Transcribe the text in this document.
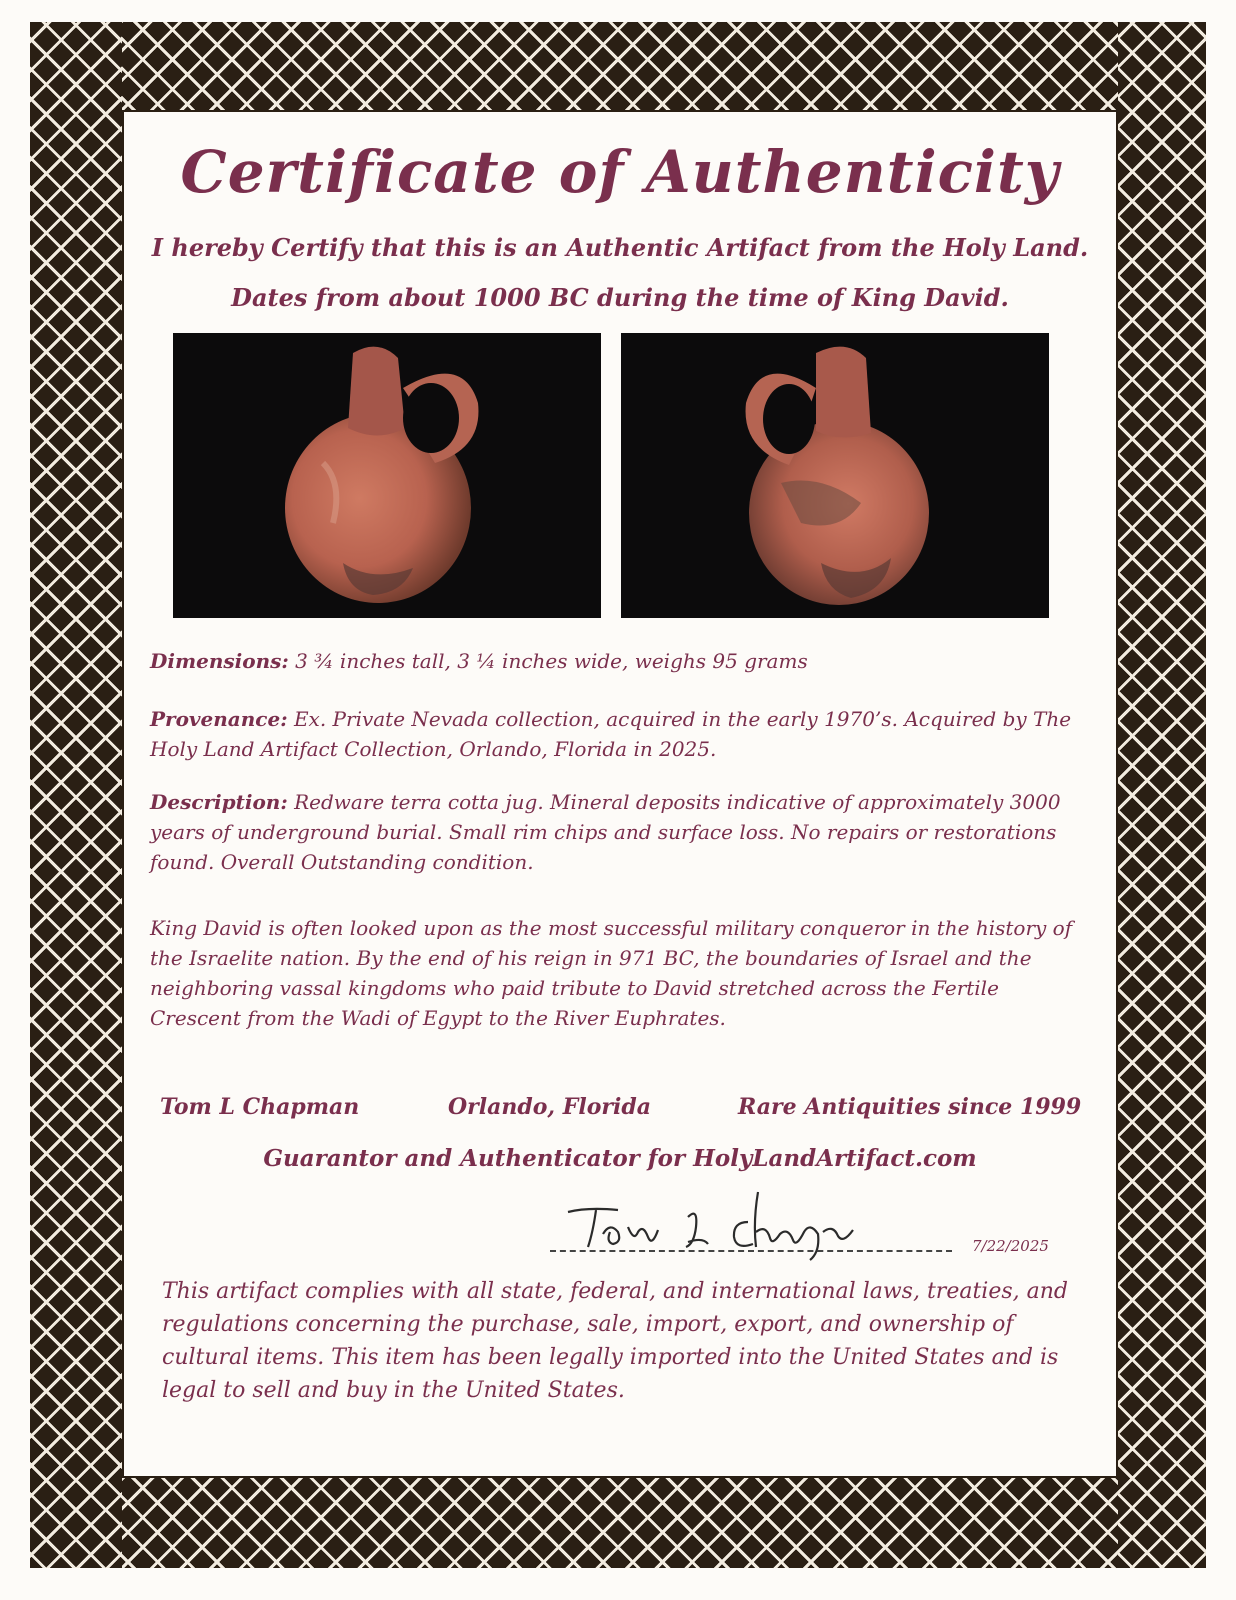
Certificate of Authenticity
I hereby Certify that this is an Authentic Artifact from the Holy Land.
Dates from about 1000 BC during the time of King David.
Dimensions: 3 ¾ inches tall, 3 ¼ inches wide, weighs 95 grams
Provenance: Ex. Private Nevada collection, acquired in the early 1970’s. Acquired by The Holy Land Artifact Collection, Orlando, Florida in 2025.
Description: Redware terra cotta jug. Mineral deposits indicative of approximately 3000 years of underground burial. Small rim chips and surface loss. No repairs or restorations found. Overall Outstanding condition.
King David is often looked upon as the most successful military conqueror in the history of the Israelite nation. By the end of his reign in 971 BC, the boundaries of Israel and the neighboring vassal kingdoms who paid tribute to David stretched across the Fertile Crescent from the Wadi of Egypt to the River Euphrates.
Tom L Chapman	Orlando, Florida	Rare Antiquities since 1999
Guarantor and Authenticator for HolyLandArtifact.com
7/22/2025
This artifact complies with all state, federal, and international laws, treaties, and regulations concerning the purchase, sale, import, export, and ownership of cultural items. This item has been legally imported into the United States and is legal to sell and buy in the United States.
